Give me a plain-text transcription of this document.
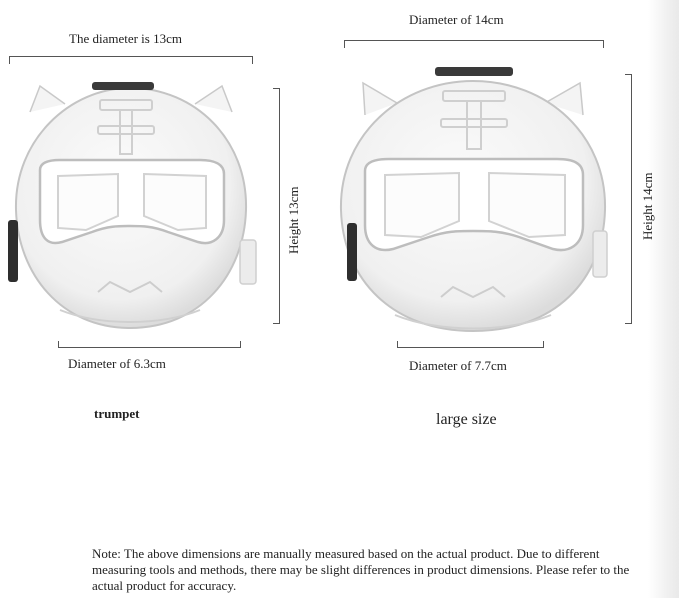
The diameter is 13cm
Height 13cm
Diameter of 6.3cm
trumpet
Diameter of 14cm
Height 14cm
Diameter of 7.7cm
large size
Note: The above dimensions are manually measured based on the actual product. Due to different measuring tools and methods, there may be slight differences in product dimensions. Please refer to the actual product for accuracy.
